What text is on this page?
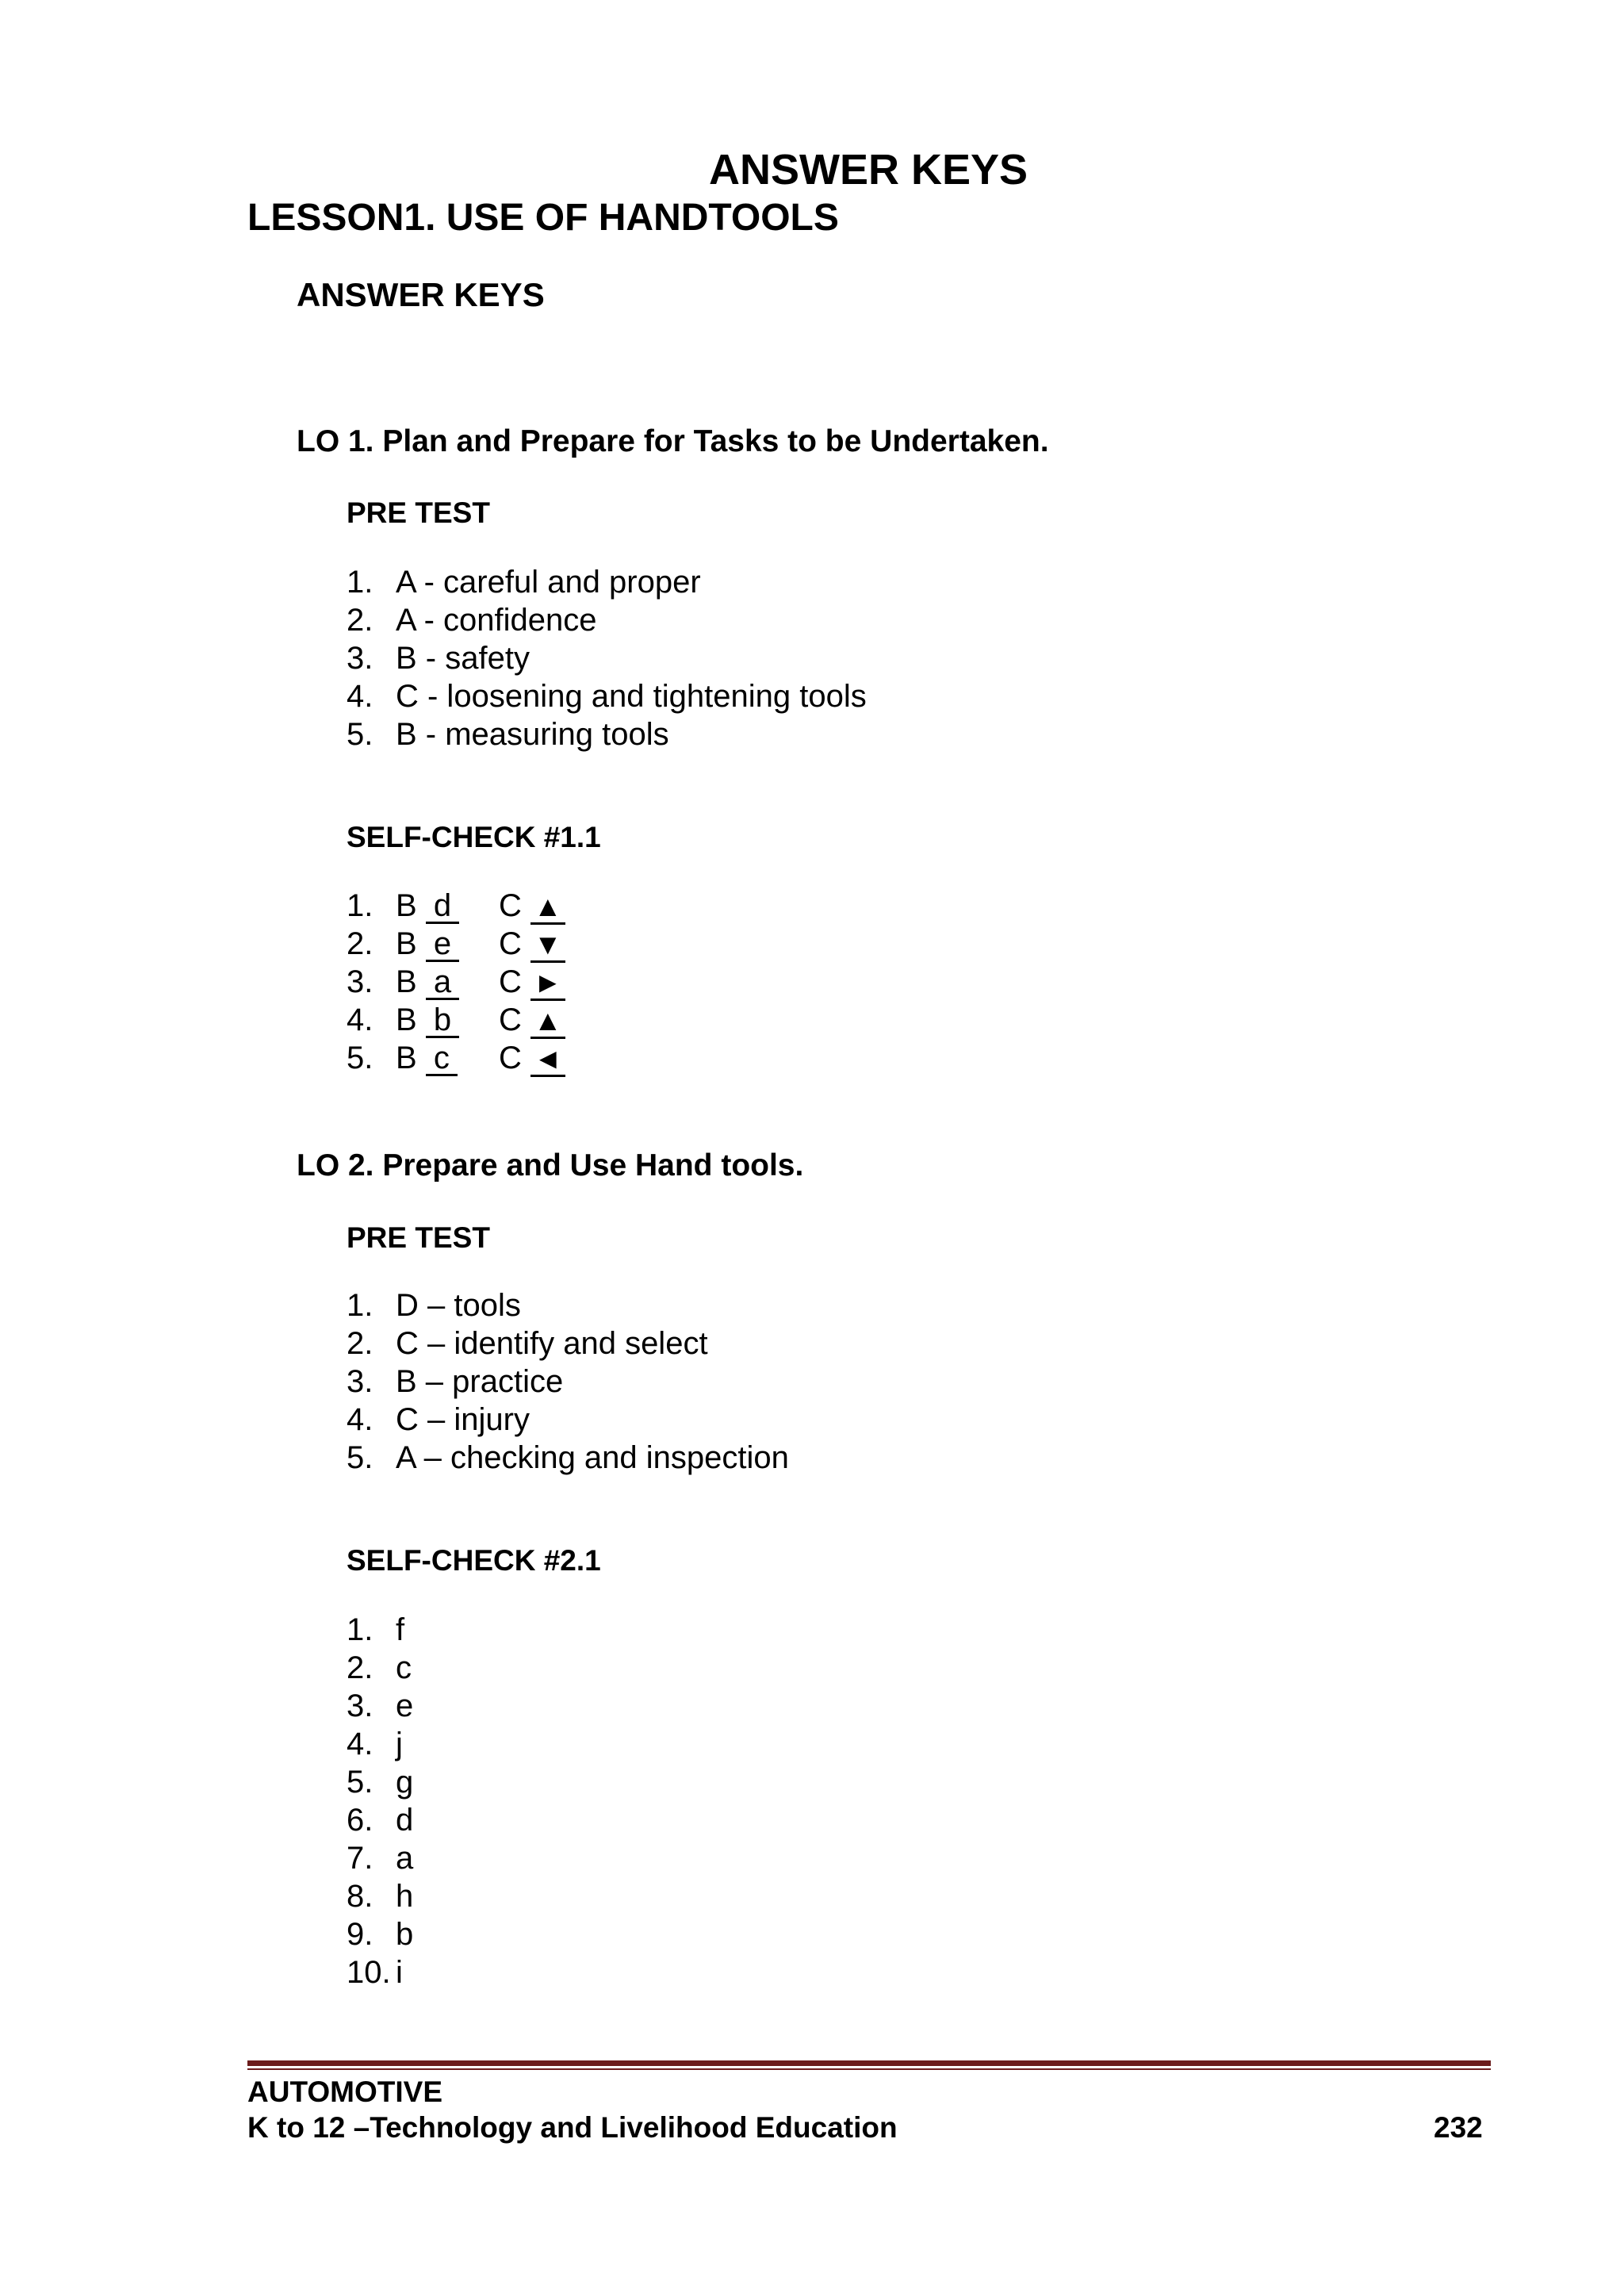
ANSWER KEYS
LESSON1. USE OF HANDTOOLS
ANSWER KEYS
LO 1. Plan and Prepare for Tasks to be Undertaken.
PRE TEST
1. A - careful and proper
2. A - confidence
3. B - safety
4. C - loosening and tightening tools
5. B - measuring tools
SELF-CHECK #1.1
1. B d C ▲
2. B e C ▼
3. B a C ►
4. B b C ▲
5. B c C ◄
LO 2. Prepare and Use Hand tools.
PRE TEST
1. D – tools
2. C – identify and select
3. B – practice
4. C – injury
5. A – checking and inspection
SELF-CHECK #2.1
1. f
2. c
3. e
4. j
5. g
6. d
7. a
8. h
9. b
10. i
AUTOMOTIVE
K to 12 –Technology and Livelihood Education	232
